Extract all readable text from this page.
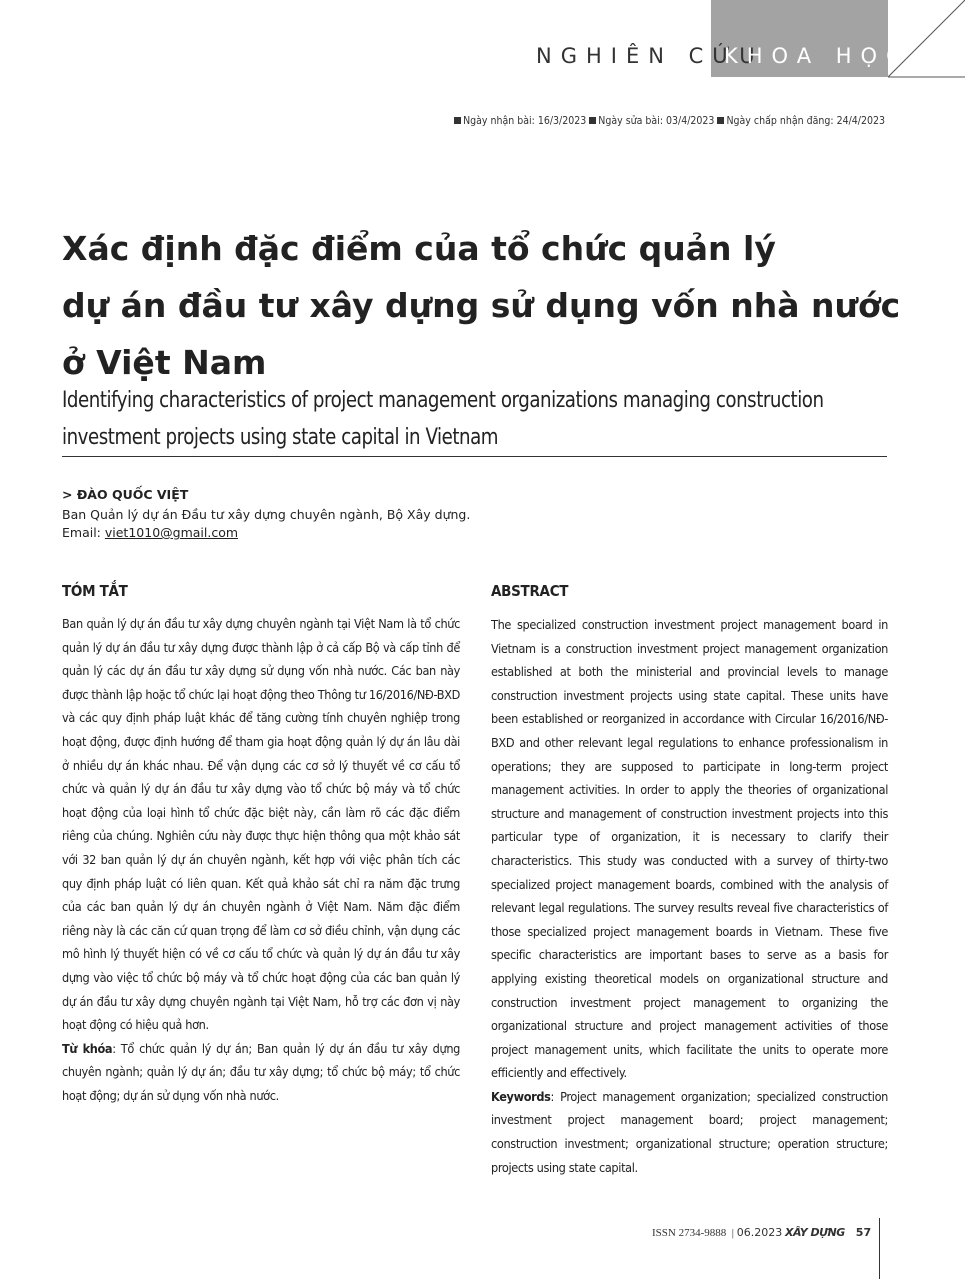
NGHIÊN CỨU
KHOA HỌC
Ngày nhận bài: 16/3/2023 Ngày sửa bài: 03/4/2023 Ngày chấp nhận đăng: 24/4/2023
Xác định đặc điểm của tổ chức quản lý
dự án đầu tư xây dựng sử dụng vốn nhà nước
ở Việt Nam
Identifying characteristics of project management organizations managing construction
investment projects using state capital in Vietnam
> ĐÀO QUỐC VIỆT
Ban Quản lý dự án Đầu tư xây dựng chuyên ngành, Bộ Xây dựng.
Email: viet1010@gmail.com
TÓM TẮT
Ban quản lý dự án đầu tư xây dựng chuyên ngành tại Việt Nam là tổ chức quản lý dự án đầu tư xây dựng được thành lập ở cả cấp Bộ và cấp tỉnh để quản lý các dự án đầu tư xây dựng sử dụng vốn nhà nước. Các ban này được thành lập hoặc tổ chức lại hoạt động theo Thông tư 16/2016/NĐ-BXD và các quy định pháp luật khác để tăng cường tính chuyên nghiệp trong hoạt động, được định hướng để tham gia hoạt động quản lý dự án lâu dài ở nhiều dự án khác nhau. Để vận dụng các cơ sở lý thuyết về cơ cấu tổ chức và quản lý dự án đầu tư xây dựng vào tổ chức bộ máy và tổ chức hoạt động của loại hình tổ chức đặc biệt này, cần làm rõ các đặc điểm riêng của chúng. Nghiên cứu này được thực hiện thông qua một khảo sát với 32 ban quản lý dự án chuyên ngành, kết hợp với việc phân tích các quy định pháp luật có liên quan. Kết quả khảo sát chỉ ra năm đặc trưng của các ban quản lý dự án chuyên ngành ở Việt Nam. Năm đặc điểm riêng này là các căn cứ quan trọng để làm cơ sở điều chỉnh, vận dụng các mô hình lý thuyết hiện có về cơ cấu tổ chức và quản lý dự án đầu tư xây dựng vào việc tổ chức bộ máy và tổ chức hoạt động của các ban quản lý dự án đầu tư xây dựng chuyên ngành tại Việt Nam, hỗ trợ các đơn vị này hoạt động có hiệu quả hơn.
Từ khóa: Tổ chức quản lý dự án; Ban quản lý dự án đầu tư xây dựng chuyên ngành; quản lý dự án; đầu tư xây dựng; tổ chức bộ máy; tổ chức hoạt động; dự án sử dụng vốn nhà nước.
ABSTRACT
The specialized construction investment project management board in Vietnam is a construction investment project management organization established at both the ministerial and provincial levels to manage construction investment projects using state capital. These units have been established or reorganized in accordance with Circular 16/2016/NĐ-BXD and other relevant legal regulations to enhance professionalism in operations; they are supposed to participate in long-term project management activities. In order to apply the theories of organizational structure and management of construction investment projects into this particular type of organization, it is necessary to clarify their characteristics. This study was conducted with a survey of thirty-two specialized project management boards, combined with the analysis of relevant legal regulations. The survey results reveal five characteristics of those specialized project management boards in Vietnam. These five specific characteristics are important bases to serve as a basis for applying existing theoretical models on organizational structure and construction investment project management to organizing the organizational structure and project management activities of those project management units, which facilitate the units to operate more efficiently and effectively.
Keywords: Project management organization; specialized construction investment project management board; project management; construction investment; organizational structure; operation structure; projects using state capital.
ISSN 2734-9888  | 06.2023 XÂY DỰNG 57
